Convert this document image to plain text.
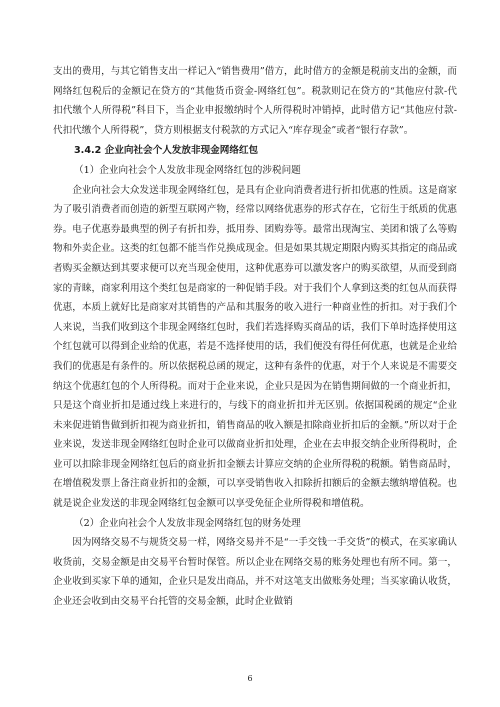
支出的费用，与其它销售支出一样记入“销售费用”借方，此时借方的金额是税前支出的金额，而网络红包税后的金额记在贷方的“其他货币资金-网络红包”。税款则记在贷方的“其他应付款-代扣代缴个人所得税”科目下，当企业申报缴纳时个人所得税时冲销掉，此时借方记“其他应付款-代扣代缴个人所得税”，贷方则根据支付税款的方式记入“库存现金”或者“银行存款”。

3.4.2 企业向社会个人发放非现金网络红包

（1）企业向社会个人发放非现金网络红包的涉税问题

企业向社会大众发送非现金网络红包，是具有企业向消费者进行折扣优惠的性质。这是商家为了吸引消费者而创造的新型互联网产物，经常以网络优惠券的形式存在，它衍生于纸质的优惠券。电子优惠券最典型的例子有折扣券，抵用券、团购券等。最常出现淘宝、美团和饿了么等购物和外卖企业。这类的红包都不能当作兑换成现金。但是如果其规定期限内购买其指定的商品或者购买金额达到其要求便可以充当现金使用，这种优惠券可以激发客户的购买欲望，从而受到商家的青睐，商家利用这个类红包是商家的一种促销手段。对于我们个人拿到这类的红包从而获得优惠，本质上就好比是商家对其销售的产品和其服务的收入进行一种商业性的折扣。对于我们个人来说，当我们收到这个非现金网络红包时，我们若选择购买商品的话，我们下单时选择使用这个红包就可以得到企业给的优惠，若是不选择使用的话，我们便没有得任何优惠，也就是企业给我们的优惠是有条件的。所以依据税总函的规定，这种有条件的优惠，对于个人来说是不需要交纳这个优惠红包的个人所得税。而对于企业来说，企业只是因为在销售期间做的一个商业折扣，只是这个商业折扣是通过线上来进行的，与线下的商业折扣并无区别。依据国税函的规定“企业未来促进销售做到折扣视为商业折扣，销售商品的收入额是扣除商业折扣后的金额。”所以对于企业来说，发送非现金网络红包时企业可以做商业折扣处理，企业在去申报交纳企业所得税时，企业可以扣除非现金网络红包后的商业折扣金额去计算应交纳的企业所得税的税额。销售商品时，在增值税发票上备注商业折扣的金额，可以享受销售收入扣除折扣额后的金额去缴纳增值税。也就是说企业发送的非现金网络红包金额可以享受免征企业所得税和增值税。

（2）企业向社会个人发放非现金网络红包的财务处理

因为网络交易不与规货交易一样，网络交易并不是“一手交钱一手交货”的模式，在买家确认收货前，交易金额是由交易平台暂时保管。所以企业在网络交易的账务处理也有所不同。第一，企业收到买家下单的通知，企业只是发出商品，并不对这笔支出做账务处理；当买家确认收货，企业还会收到由交易平台托管的交易金额，此时企业做销

6
